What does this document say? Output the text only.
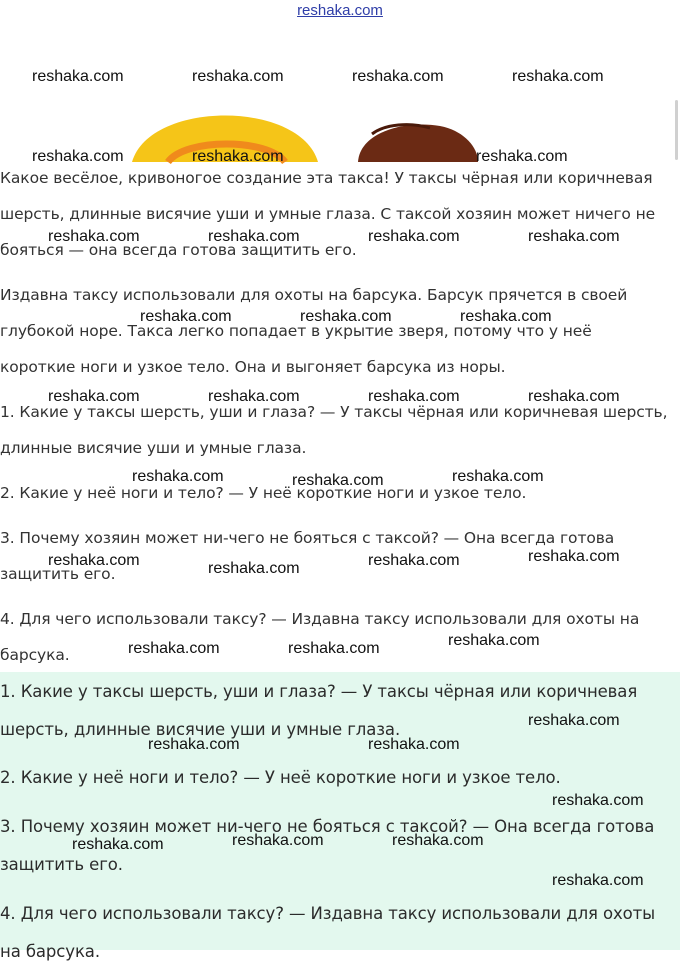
reshaka.com

Какое весёлое, кривоногое создание эта такса! У таксы чёрная или коричневая шерсть, длинные висячие уши и умные глаза. С таксой хозяин может ничего не бояться — она всегда готова защитить его.

Издавна таксу использовали для охоты на барсука. Барсук прячется в своей глубокой норе. Такса легко попадает в укрытие зверя, потому что у неё короткие ноги и узкое тело. Она и выгоняет барсука из норы.

1. Какие у таксы шерсть, уши и глаза? — У таксы чёрная или коричневая шерсть, длинные висячие уши и умные глаза.

2. Какие у неё ноги и тело? — У неё короткие ноги и узкое тело.

3. Почему хозяин может ни-чего не бояться с таксой? — Она всегда готова защитить его.

4. Для чего использовали таксу? — Издавна таксу использовали для охоты на барсука.

1. Какие у таксы шерсть, уши и глаза? — У таксы чёрная или коричневая шерсть, длинные висячие уши и умные глаза.

2. Какие у неё ноги и тело? — У неё короткие ноги и узкое тело.

3. Почему хозяин может ни-чего не бояться с таксой? — Она всегда готова защитить его.

4. Для чего использовали таксу? — Издавна таксу использовали для охоты на барсука.

reshaka.com	reshaka.com	reshaka.com	reshaka.com
reshaka.com	reshaka.com	reshaka.com
reshaka.com	reshaka.com	reshaka.com	reshaka.com
reshaka.com	reshaka.com	reshaka.com
reshaka.com	reshaka.com	reshaka.com	reshaka.com
reshaka.com	reshaka.com	reshaka.com
reshaka.com	reshaka.com	reshaka.com	reshaka.com
reshaka.com	reshaka.com	reshaka.com
reshaka.com
reshaka.com	reshaka.com
reshaka.com
reshaka.com	reshaka.com	reshaka.com
reshaka.com
